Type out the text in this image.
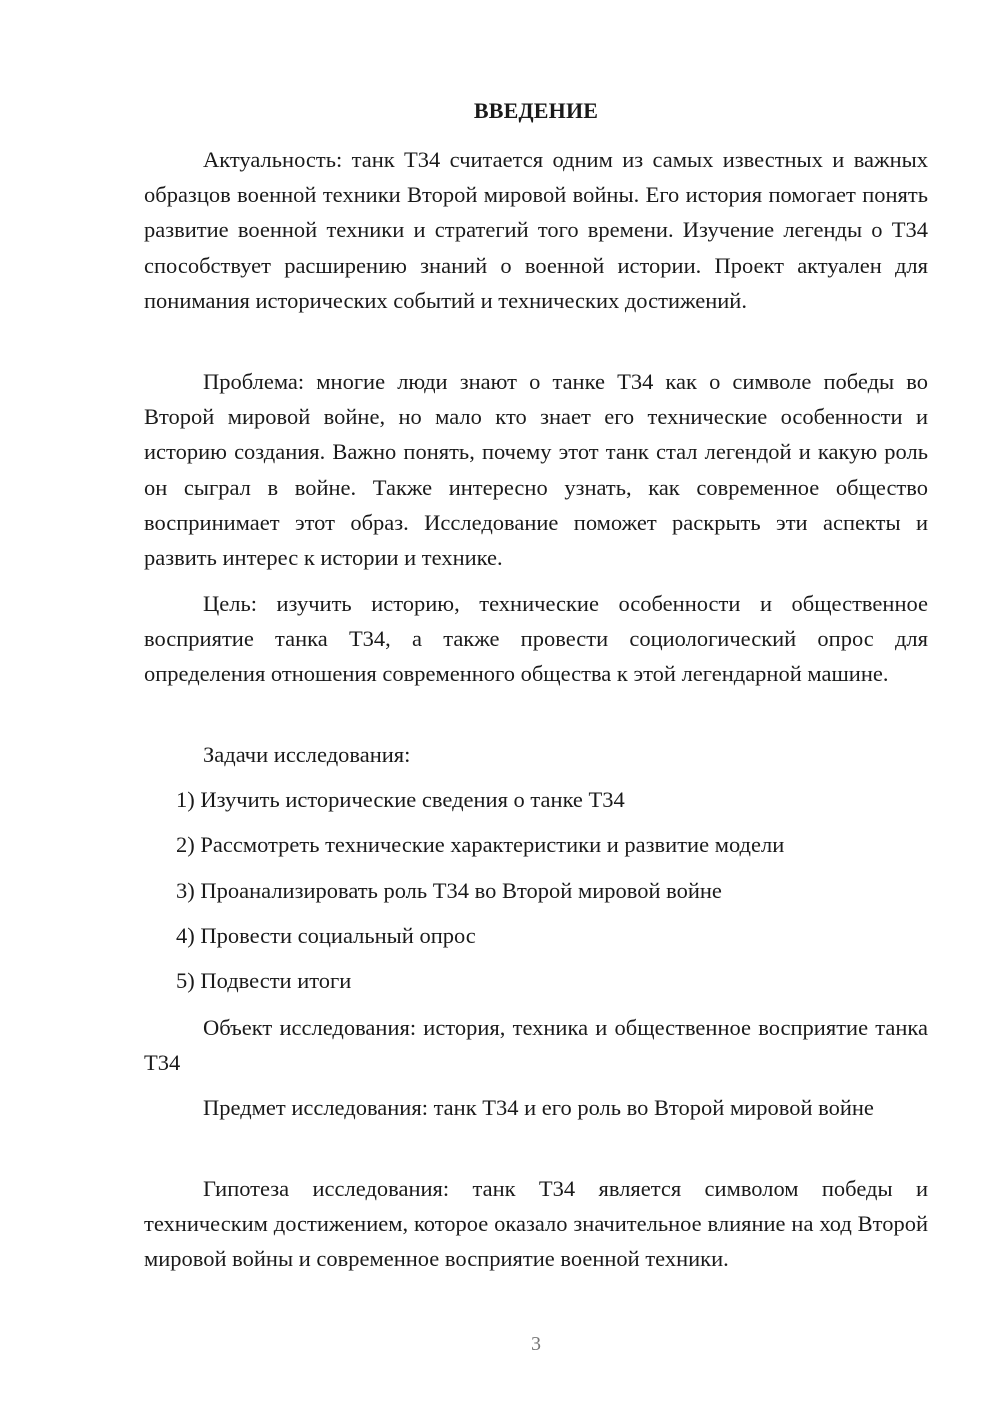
ВВЕДЕНИЕ

Актуальность: танк Т34 считается одним из самых известных и важных образцов военной техники Второй мировой войны. Его история помогает понять развитие военной техники и стратегий того времени. Изучение легенды о Т34 способствует расширению знаний о военной истории. Проект актуален для понимания исторических событий и технических достижений.

Проблема: многие люди знают о танке Т34 как о символе победы во Второй мировой войне, но мало кто знает его технические особенности и историю создания. Важно понять, почему этот танк стал легендой и какую роль он сыграл в войне. Также интересно узнать, как современное общество воспринимает этот образ. Исследование поможет раскрыть эти аспекты и развить интерес к истории и технике.

Цель: изучить историю, технические особенности и общественное восприятие танка Т34, а также провести социологический опрос для определения отношения современного общества к этой легендарной машине.

Задачи исследования:

1) Изучить исторические сведения о танке Т34
2) Рассмотреть технические характеристики и развитие модели
3) Проанализировать роль Т34 во Второй мировой войне
4) Провести социальный опрос
5) Подвести итоги

Объект исследования: история, техника и общественное восприятие танка Т34

Предмет исследования: танк Т34 и его роль во Второй мировой войне

Гипотеза исследования: танк Т34 является символом победы и техническим достижением, которое оказало значительное влияние на ход Второй мировой войны и современное восприятие военной техники.

3
